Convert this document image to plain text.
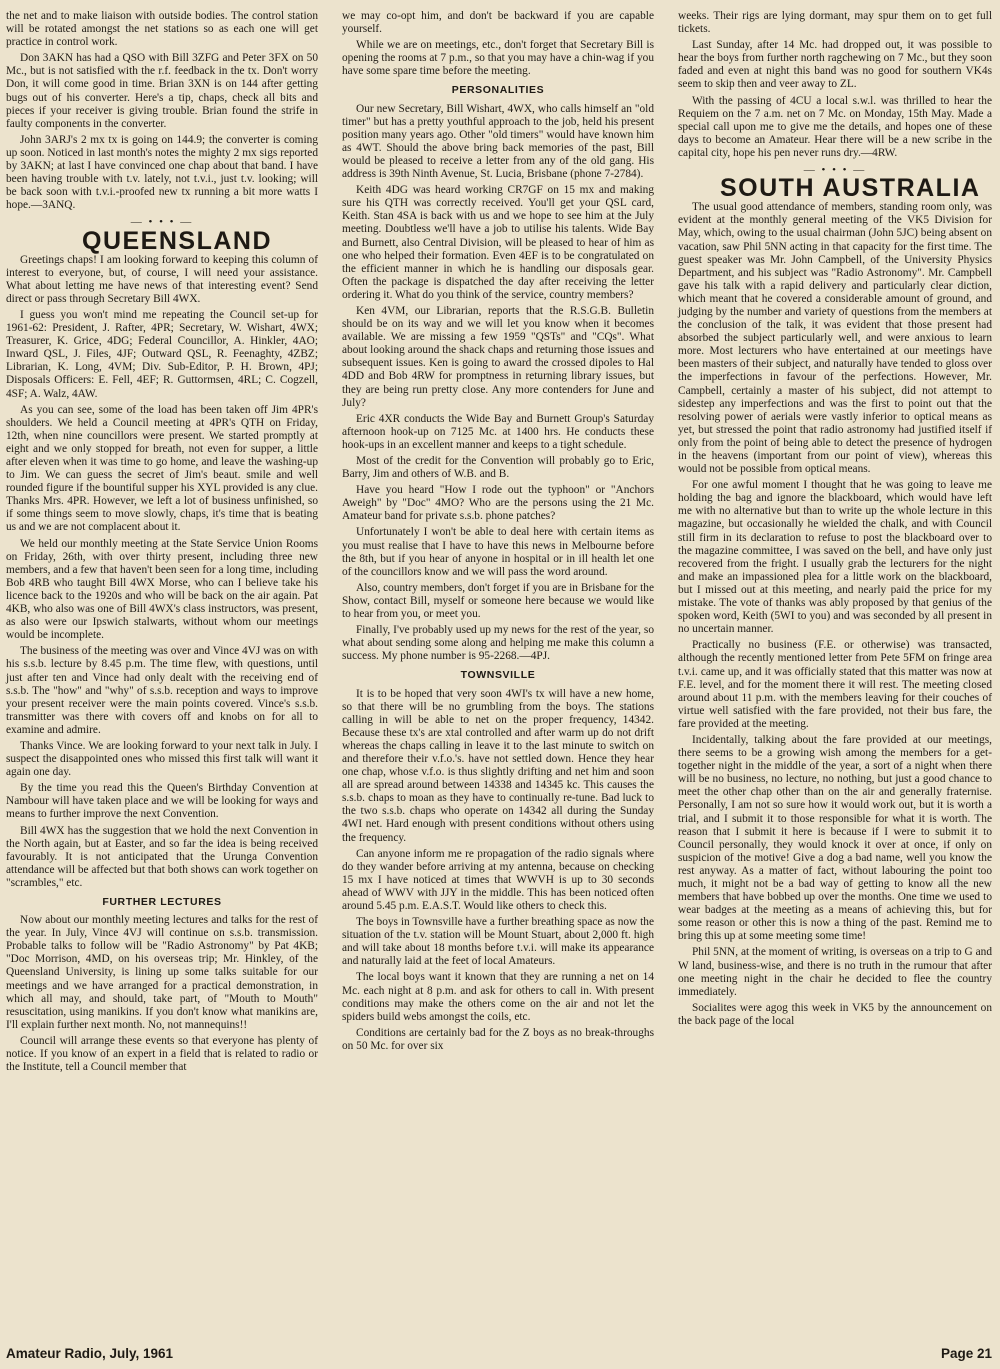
the net and to make liaison with outside bodies. The control station will be rotated amongst the net stations so as each one will get practice in control work.

Don 3AKN has had a QSO with Bill 3ZFG and Peter 3FX on 50 Mc., but is not satisfied with the r.f. feedback in the tx. Don't worry Don, it will come good in time. Brian 3XN is on 144 after getting bugs out of his converter. Here's a tip, chaps, check all bits and pieces if your receiver is giving trouble. Brian found the strife in faulty components in the converter.

John 3ARJ's 2 mx tx is going on 144.9; the converter is coming up soon. Noticed in last month's notes the mighty 2 mx sigs reported by 3AKN; at last I have convinced one chap about that band. I have been having trouble with t.v. lately, not t.v.i., just t.v. looking; will be back soon with t.v.i.-proofed new tx running a bit more watts I hope.—3ANQ.

— • • • —
QUEENSLAND

Greetings chaps! I am looking forward to keeping this column of interest to everyone, but, of course, I will need your assistance. What about letting me have news of that interesting event? Send direct or pass through Secretary Bill 4WX.

I guess you won't mind me repeating the Council set-up for 1961-62: President, J. Rafter, 4PR; Secretary, W. Wishart, 4WX; Treasurer, K. Grice, 4DG; Federal Councillor, A. Hinkler, 4AO; Inward QSL, J. Files, 4JF; Outward QSL, R. Feenaghty, 4ZBZ; Librarian, K. Long, 4VM; Div. Sub-Editor, P. H. Brown, 4PJ; Disposals Officers: E. Fell, 4EF; R. Guttormsen, 4RL; C. Cogzell, 4SF; A. Walz, 4AW.

As you can see, some of the load has been taken off Jim 4PR's shoulders. We held a Council meeting at 4PR's QTH on Friday, 12th, when nine councillors were present. We started promptly at eight and we only stopped for breath, not even for supper, a little after eleven when it was time to go home, and leave the washing-up to Jim. We can guess the secret of Jim's beaut. smile and well rounded figure if the bountiful supper his XYL provided is any clue. Thanks Mrs. 4PR. However, we left a lot of business unfinished, so if some things seem to move slowly, chaps, it's time that is beating us and we are not complacent about it.

We held our monthly meeting at the State Service Union Rooms on Friday, 26th, with over thirty present, including three new members, and a few that haven't been seen for a long time, including Bob 4RB who taught Bill 4WX Morse, who can I believe take his licence back to the 1920s and who will be back on the air again. Pat 4KB, who also was one of Bill 4WX's class instructors, was present, as also were our Ipswich stalwarts, without whom our meetings would be incomplete.

The business of the meeting was over and Vince 4VJ was on with his s.s.b. lecture by 8.45 p.m. The time flew, with questions, until just after ten and Vince had only dealt with the receiving end of s.s.b. The "how" and "why" of s.s.b. reception and ways to improve your present receiver were the main points covered. Vince's s.s.b. transmitter was there with covers off and knobs on for all to examine and admire.

Thanks Vince. We are looking forward to your next talk in July. I suspect the disappointed ones who missed this first talk will want it again one day.

By the time you read this the Queen's Birthday Convention at Nambour will have taken place and we will be looking for ways and means to further improve the next Convention.

Bill 4WX has the suggestion that we hold the next Convention in the North again, but at Easter, and so far the idea is being received favourably. It is not anticipated that the Urunga Convention attendance will be affected but that both shows can work together on "scrambles," etc.

FURTHER LECTURES

Now about our monthly meeting lectures and talks for the rest of the year. In July, Vince 4VJ will continue on s.s.b. transmission. Probable talks to follow will be "Radio Astronomy" by Pat 4KB; "Doc Morrison, 4MD, on his overseas trip; Mr. Hinkley, of the Queensland University, is lining up some talks suitable for our meetings and we have arranged for a practical demonstration, in which all may, and should, take part, of "Mouth to Mouth" resuscitation, using manikins. If you don't know what manikins are, I'll explain further next month. No, not mannequins!!

Council will arrange these events so that everyone has plenty of notice. If you know of an expert in a field that is related to radio or the Institute, tell a Council member that

we may co-opt him, and don't be backward if you are capable yourself.

While we are on meetings, etc., don't forget that Secretary Bill is opening the rooms at 7 p.m., so that you may have a chin-wag if you have some spare time before the meeting.

PERSONALITIES

Our new Secretary, Bill Wishart, 4WX, who calls himself an "old timer" but has a pretty youthful approach to the job, held his present position many years ago. Other "old timers" would have known him as 4WT. Should the above bring back memories of the past, Bill would be pleased to receive a letter from any of the old gang. His address is 39th Ninth Avenue, St. Lucia, Brisbane (phone 7-2784).

Keith 4DG was heard working CR7GF on 15 mx and making sure his QTH was correctly received. You'll get your QSL card, Keith. Stan 4SA is back with us and we hope to see him at the July meeting. Doubtless we'll have a job to utilise his talents. Wide Bay and Burnett, also Central Division, will be pleased to hear of him as one who helped their formation. Even 4EF is to be congratulated on the efficient manner in which he is handling our disposals gear. Often the package is dispatched the day after receiving the letter ordering it. What do you think of the service, country members?

Ken 4VM, our Librarian, reports that the R.S.G.B. Bulletin should be on its way and we will let you know when it becomes available. We are missing a few 1959 "QSTs" and "CQs". What about looking around the shack chaps and returning those issues and subsequent issues. Ken is going to award the crossed dipoles to Hal 4DD and Bob 4RW for promptness in returning library issues, but they are being run pretty close. Any more contenders for June and July?

Eric 4XR conducts the Wide Bay and Burnett Group's Saturday afternoon hook-up on 7125 Mc. at 1400 hrs. He conducts these hook-ups in an excellent manner and keeps to a tight schedule.

Most of the credit for the Convention will probably go to Eric, Barry, Jim and others of W.B. and B.

Have you heard "How I rode out the typhoon" or "Anchors Aweigh" by "Doc" 4MO? Who are the persons using the 21 Mc. Amateur band for private s.s.b. phone patches?

Unfortunately I won't be able to deal here with certain items as you must realise that I have to have this news in Melbourne before the 8th, but if you hear of anyone in hospital or in ill health let one of the councillors know and we will pass the word around.

Also, country members, don't forget if you are in Brisbane for the Show, contact Bill, myself or someone here because we would like to hear from you, or meet you.

Finally, I've probably used up my news for the rest of the year, so what about sending some along and helping me make this column a success. My phone number is 95-2268.—4PJ.

TOWNSVILLE

It is to be hoped that very soon 4WI's tx will have a new home, so that there will be no grumbling from the boys. The stations calling in will be able to net on the proper frequency, 14342. Because these tx's are xtal controlled and after warm up do not drift whereas the chaps calling in leave it to the last minute to switch on and therefore their v.f.o.'s. have not settled down. Hence they hear one chap, whose v.f.o. is thus slightly drifting and net him and soon all are spread around between 14338 and 14345 kc. This causes the s.s.b. chaps to moan as they have to continually re-tune. Bad luck to the two s.s.b. chaps who operate on 14342 all during the Sunday 4WI net. Hard enough with present conditions without others using the frequency.

Can anyone inform me re propagation of the radio signals where do they wander before arriving at my antenna, because on checking 15 mx I have noticed at times that WWVH is up to 30 seconds ahead of WWV with JJY in the middle. This has been noticed often around 5.45 p.m. E.A.S.T. Would like others to check this.

The boys in Townsville have a further breathing space as now the situation of the t.v. station will be Mount Stuart, about 2,000 ft. high and will take about 18 months before t.v.i. will make its appearance and naturally laid at the feet of local Amateurs.

The local boys want it known that they are running a net on 14 Mc. each night at 8 p.m. and ask for others to call in. With present conditions may make the others come on the air and not let the spiders build webs amongst the coils, etc.

Conditions are certainly bad for the Z boys as no break-throughs on 50 Mc. for over six

weeks. Their rigs are lying dormant, may spur them on to get full tickets.

Last Sunday, after 14 Mc. had dropped out, it was possible to hear the boys from further north ragchewing on 7 Mc., but they soon faded and even at night this band was no good for southern VK4s seem to skip then and veer away to ZL.

With the passing of 4CU a local s.w.l. was thrilled to hear the Requiem on the 7 a.m. net on 7 Mc. on Monday, 15th May. Made a special call upon me to give me the details, and hopes one of these days to become an Amateur. Hear there will be a new scribe in the capital city, hope his pen never runs dry.—4RW.

— • • • —
SOUTH AUSTRALIA

The usual good attendance of members, standing room only, was evident at the monthly general meeting of the VK5 Division for May, which, owing to the usual chairman (John 5JC) being absent on vacation, saw Phil 5NN acting in that capacity for the first time. The guest speaker was Mr. John Campbell, of the University Physics Department, and his subject was "Radio Astronomy". Mr. Campbell gave his talk with a rapid delivery and particularly clear diction, which meant that he covered a considerable amount of ground, and judging by the number and variety of questions from the members at the conclusion of the talk, it was evident that those present had absorbed the subject particularly well, and were anxious to learn more. Most lecturers who have entertained at our meetings have been masters of their subject, and naturally have tended to gloss over the imperfections in favour of the perfections. However, Mr. Campbell, certainly a master of his subject, did not attempt to sidestep any imperfections and was the first to point out that the resolving power of aerials were vastly inferior to optical means as yet, but stressed the point that radio astronomy had justified itself if only from the point of being able to detect the presence of hydrogen in the heavens (important from our point of view), whereas this would not be possible from optical means.

For one awful moment I thought that he was going to leave me holding the bag and ignore the blackboard, which would have left me with no alternative but than to write up the whole lecture in this magazine, but occasionally he wielded the chalk, and with Council still firm in its declaration to refuse to post the blackboard over to the magazine committee, I was saved on the bell, and have only just recovered from the fright. I usually grab the lecturers for the night and make an impassioned plea for a little work on the blackboard, but I missed out at this meeting, and nearly paid the price for my mistake. The vote of thanks was ably proposed by that genius of the spoken word, Keith (5WI to you) and was seconded by all present in no uncertain manner.

Practically no business (F.E. or otherwise) was transacted, although the recently mentioned letter from Pete 5FM on fringe area t.v.i. came up, and it was officially stated that this matter was now at F.E. level, and for the moment there it will rest. The meeting closed around about 11 p.m. with the members leaving for their couches of virtue well satisfied with the fare provided, not their bus fare, the fare provided at the meeting.

Incidentally, talking about the fare provided at our meetings, there seems to be a growing wish among the members for a get-together night in the middle of the year, a sort of a night when there will be no business, no lecture, no nothing, but just a good chance to meet the other chap other than on the air and generally fraternise. Personally, I am not so sure how it would work out, but it is worth a trial, and I submit it to those responsible for what it is worth. The reason that I submit it here is because if I were to submit it to Council personally, they would knock it over at once, if only on suspicion of the motive! Give a dog a bad name, well you know the rest anyway. As a matter of fact, without labouring the point too much, it might not be a bad way of getting to know all the new members that have bobbed up over the months. One time we used to wear badges at the meeting as a means of achieving this, but for some reason or other this is now a thing of the past. Remind me to bring this up at some meeting some time!

Phil 5NN, at the moment of writing, is overseas on a trip to G and W land, business-wise, and there is no truth in the rumour that after one meeting night in the chair he decided to flee the country immediately.

Socialites were agog this week in VK5 by the announcement on the back page of the local

Amateur Radio, July, 1961	Page 21
